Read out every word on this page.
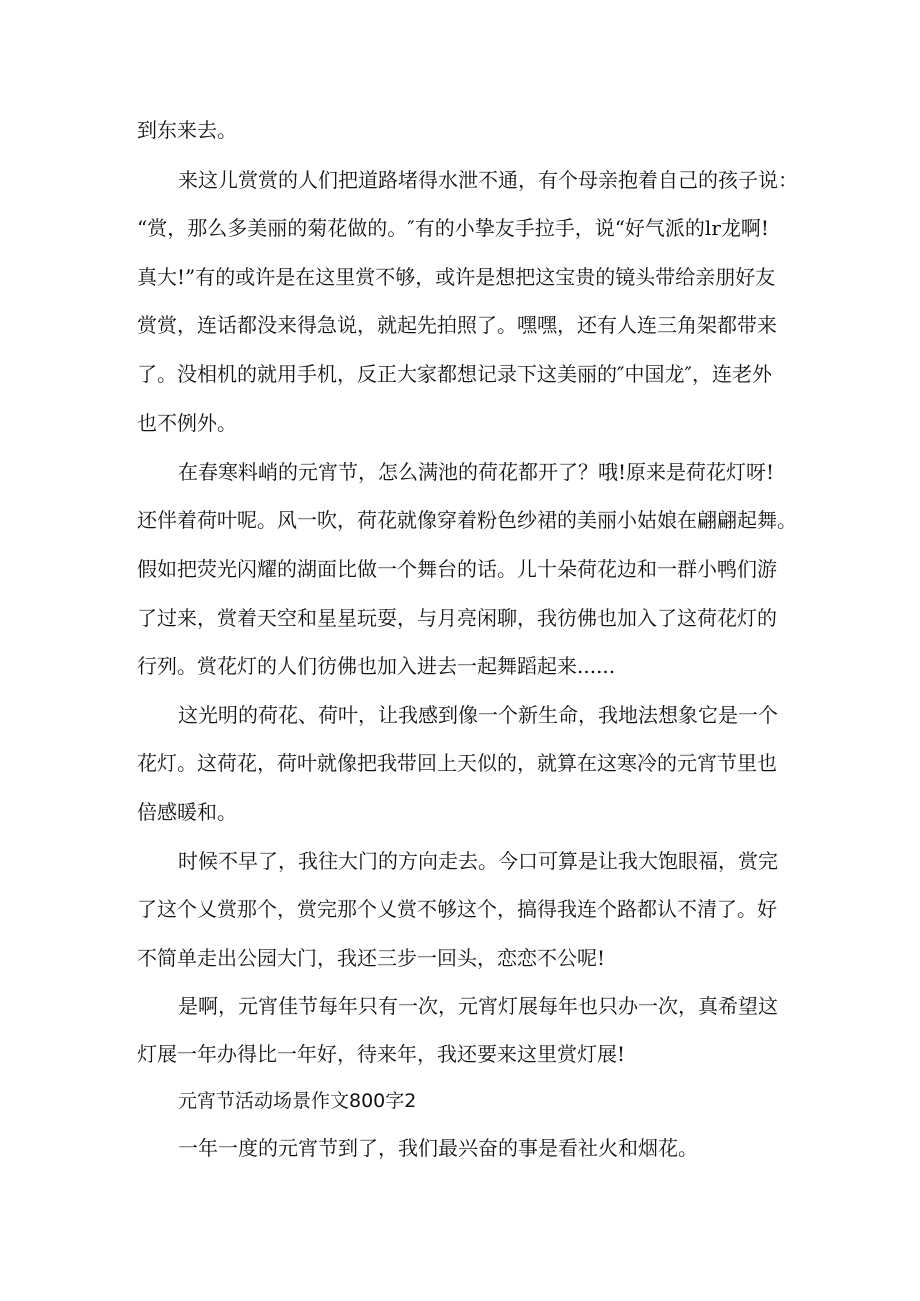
到东来去。
来这儿赏赏的人们把道路堵得水泄不通，有个母亲抱着自己的孩子说：
“赏，那么多美丽的菊花做的。″有的小挚友手拉手，说“好气派的lr龙啊!
真大!”有的或许是在这里赏不够，或许是想把这宝贵的镜头带给亲朋好友
赏赏，连话都没来得急说，就起先拍照了。嘿嘿，还有人连三角架都带来
了。没相机的就用手机，反正大家都想记录下这美丽的″中国龙″，连老外
也不例外。
在春寒料峭的元宵节，怎么满池的荷花都开了？哦!原来是荷花灯呀!
还伴着荷叶呢。风一吹，荷花就像穿着粉色纱裙的美丽小姑娘在翩翩起舞。
假如把荧光闪耀的湖面比做一个舞台的话。儿十朵荷花边和一群小鸭们游
了过来，赏着天空和星星玩耍，与月亮闲聊，我彷佛也加入了这荷花灯的
行列。赏花灯的人们彷佛也加入进去一起舞蹈起来......
这光明的荷花、荷叶，让我感到像一个新生命，我地法想象它是一个
花灯。这荷花，荷叶就像把我带回上天似的，就算在这寒冷的元宵节里也
倍感暖和。
时候不早了，我往大门的方向走去。今口可算是让我大饱眼福，赏完
了这个乂赏那个，赏完那个乂赏不够这个，搞得我连个路都认不清了。好
不简单走出公园大门，我还三步一回头，恋恋不公呢!
是啊，元宵佳节每年只有一次，元宵灯展每年也只办一次，真希望这
灯展一年办得比一年好，待来年，我还要来这里赏灯展!
元宵节活动场景作文800字2
一年一度的元宵节到了，我们最兴奋的事是看社火和烟花。
